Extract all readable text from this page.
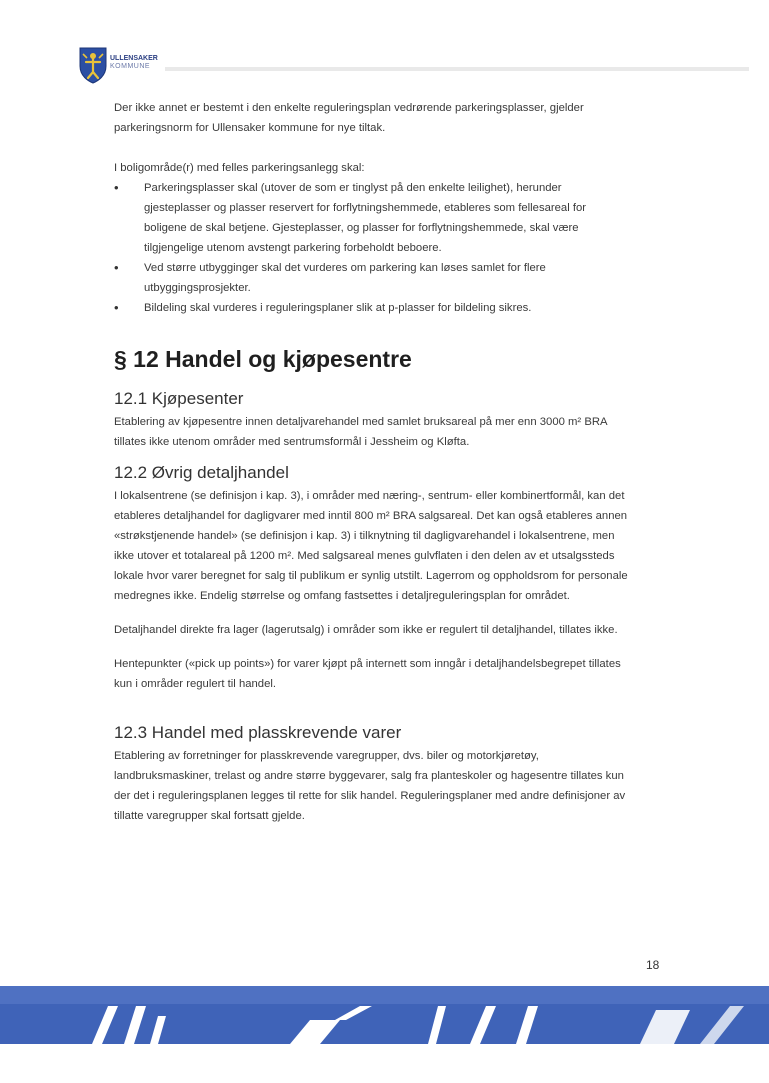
ULLENSAKER
KOMMUNE

Der ikke annet er bestemt i den enkelte reguleringsplan vedrørende parkeringsplasser, gjelder parkeringsnorm for Ullensaker kommune for nye tiltak.

I boligområde(r) med felles parkeringsanlegg skal:

• Parkeringsplasser skal (utover de som er tinglyst på den enkelte leilighet), herunder gjesteplasser og plasser reservert for forflytningshemmede, etableres som fellesareal for boligene de skal betjene. Gjesteplasser, og plasser for forflytningshemmede, skal være tilgjengelige utenom avstengt parkering forbeholdt beboere.
• Ved større utbygginger skal det vurderes om parkering kan løses samlet for flere utbyggingsprosjekter.
• Bildeling skal vurderes i reguleringsplaner slik at p-plasser for bildeling sikres.
§ 12 Handel og kjøpesentre
12.1 Kjøpesenter

Etablering av kjøpesentre innen detaljvarehandel med samlet bruksareal på mer enn 3000 m² BRA tillates ikke utenom områder med sentrumsformål i Jessheim og Kløfta.

12.2 Øvrig detaljhandel

I lokalsentrene (se definisjon i kap. 3), i områder med næring-, sentrum- eller kombinertformål, kan det etableres detaljhandel for dagligvarer med inntil 800 m² BRA salgsareal. Det kan også etableres annen «strøkstjenende handel» (se definisjon i kap. 3) i tilknytning til dagligvarehandel i lokalsentrene, men ikke utover et totalareal på 1200 m². Med salgsareal menes gulvflaten i den delen av et utsalgssteds lokale hvor varer beregnet for salg til publikum er synlig utstilt. Lagerrom og oppholdsrom for personale medregnes ikke. Endelig størrelse og omfang fastsettes i detaljreguleringsplan for området.

Detaljhandel direkte fra lager (lagerutsalg) i områder som ikke er regulert til detaljhandel, tillates ikke.

Hentepunkter («pick up points») for varer kjøpt på internett som inngår i detaljhandelsbegrepet tillates kun i områder regulert til handel.

12.3 Handel med plasskrevende varer

Etablering av forretninger for plasskrevende varegrupper, dvs. biler og motorkjøretøy, landbruksmaskiner, trelast og andre større byggevarer, salg fra planteskoler og hagesentre tillates kun der det i reguleringsplanen legges til rette for slik handel. Reguleringsplaner med andre definisjoner av tillatte varegrupper skal fortsatt gjelde.

18
